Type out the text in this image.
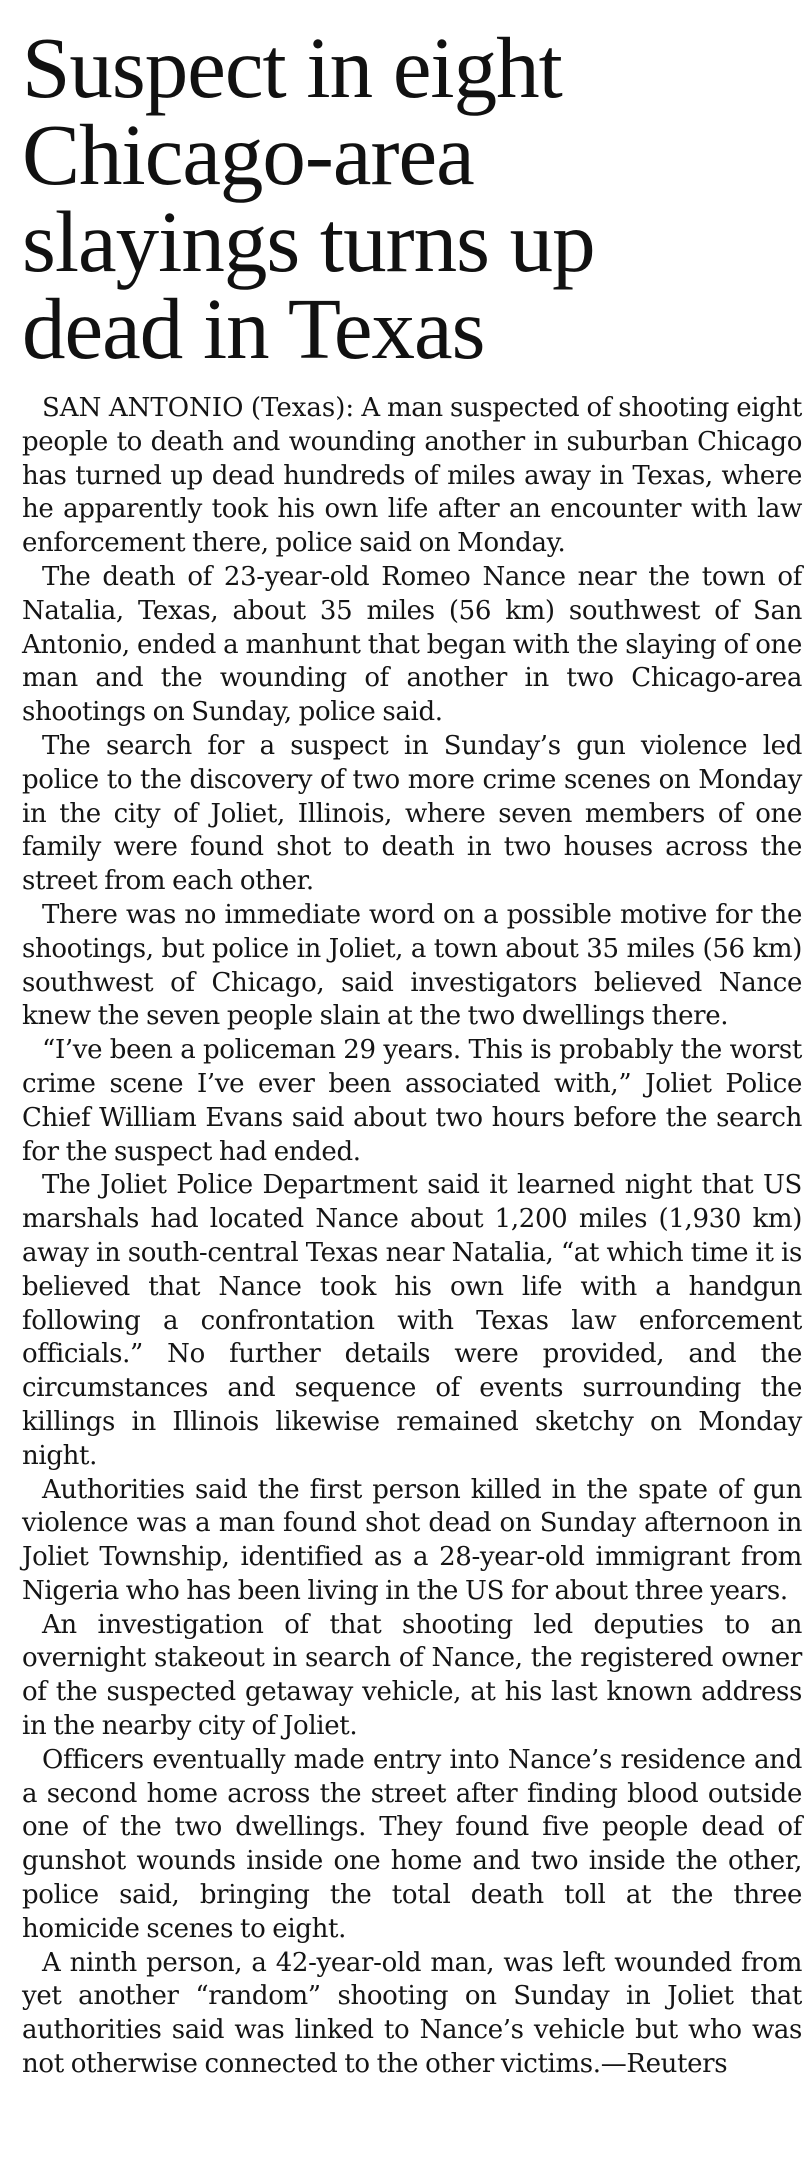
Suspect in eight
Chicago-area
slayings turns up
dead in Texas

SAN ANTONIO (Texas): A man suspected of shooting eight people to death and wounding another in suburban Chicago has turned up dead hundreds of miles away in Texas, where he apparently took his own life after an encounter with law enforcement there, police said on Monday.

The death of 23-year-old Romeo Nance near the town of Natalia, Texas, about 35 miles (56 km) southwest of San Antonio, ended a manhunt that began with the slaying of one man and the wounding of another in two Chicago-area shootings on Sunday, police said.

The search for a suspect in Sunday’s gun violence led police to the discovery of two more crime scenes on Monday in the city of Joliet, Illinois, where seven members of one family were found shot to death in two houses across the street from each other.

There was no immediate word on a possible motive for the shootings, but police in Joliet, a town about 35 miles (56 km) southwest of Chicago, said investigators believed Nance knew the seven people slain at the two dwellings there.

“I’ve been a policeman 29 years. This is probably the worst crime scene I’ve ever been associated with,” Joliet Police Chief William Evans said about two hours before the search for the suspect had ended.

The Joliet Police Department said it learned night that US marshals had located Nance about 1,200 miles (1,930 km) away in south-central Texas near Natalia, “at which time it is believed that Nance took his own life with a handgun following a confrontation with Texas law enforcement officials.” No further details were provided, and the circumstances and sequence of events surrounding the killings in Illinois likewise remained sketchy on Monday night.

Authorities said the first person killed in the spate of gun violence was a man found shot dead on Sunday afternoon in Joliet Township, identified as a 28-year-old immigrant from Nigeria who has been living in the US for about three years.

An investigation of that shooting led deputies to an overnight stakeout in search of Nance, the registered owner of the suspected getaway vehicle, at his last known address in the nearby city of Joliet.

Officers eventually made entry into Nance’s residence and a second home across the street after finding blood outside one of the two dwellings. They found five people dead of gunshot wounds inside one home and two inside the other, police said, bringing the total death toll at the three homicide scenes to eight.

A ninth person, a 42-year-old man, was left wounded from yet another “random” shooting on Sunday in Joliet that authorities said was linked to Nance’s vehicle but who was not otherwise connected to the other victims.—Reuters
